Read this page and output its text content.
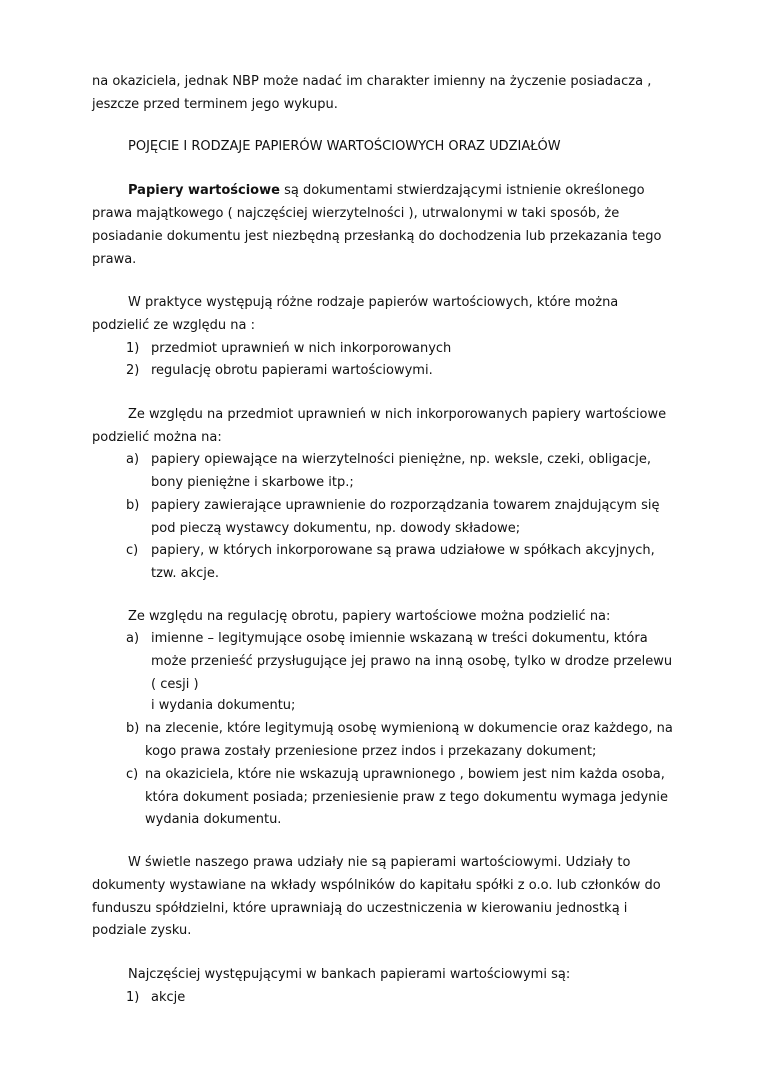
na okaziciela, jednak NBP może nadać im charakter imienny na życzenie posiadacza ,
jeszcze przed terminem jego wykupu.
POJĘCIE I RODZAJE PAPIERÓW WARTOŚCIOWYCH ORAZ UDZIAŁÓW
Papiery wartościowe są dokumentami stwierdzającymi istnienie określonego
prawa majątkowego ( najczęściej wierzytelności ), utrwalonymi w taki sposób, że
posiadanie dokumentu jest niezbędną przesłanką do dochodzenia lub przekazania tego
prawa.
W praktyce występują różne rodzaje papierów wartościowych, które można
podzielić ze względu na :
1) przedmiot uprawnień w nich inkorporowanych
2) regulację obrotu papierami wartościowymi.
Ze względu na przedmiot uprawnień w nich inkorporowanych papiery wartościowe
podzielić można na:
a) papiery opiewające na wierzytelności pieniężne, np. weksle, czeki, obligacje,
bony pieniężne i skarbowe itp.;
b) papiery zawierające uprawnienie do rozporządzania towarem znajdującym się
pod pieczą wystawcy dokumentu, np. dowody składowe;
c) papiery, w których inkorporowane są prawa udziałowe w spółkach akcyjnych,
tzw. akcje.
Ze względu na regulację obrotu, papiery wartościowe można podzielić na:
a) imienne – legitymujące osobę imiennie wskazaną w treści dokumentu, która
może przenieść przysługujące jej prawo na inną osobę, tylko w drodze przelewu
( cesji )
i wydania dokumentu;
b) na zlecenie, które legitymują osobę wymienioną w dokumencie oraz każdego, na
kogo prawa zostały przeniesione przez indos i przekazany dokument;
c) na okaziciela, które nie wskazują uprawnionego , bowiem jest nim każda osoba,
która dokument posiada; przeniesienie praw z tego dokumentu wymaga jedynie
wydania dokumentu.
W świetle naszego prawa udziały nie są papierami wartościowymi. Udziały to
dokumenty wystawiane na wkłady wspólników do kapitału spółki z o.o. lub członków do
funduszu spółdzielni, które uprawniają do uczestniczenia w kierowaniu jednostką i
podziale zysku.
Najczęściej występującymi w bankach papierami wartościowymi są:
1) akcje
